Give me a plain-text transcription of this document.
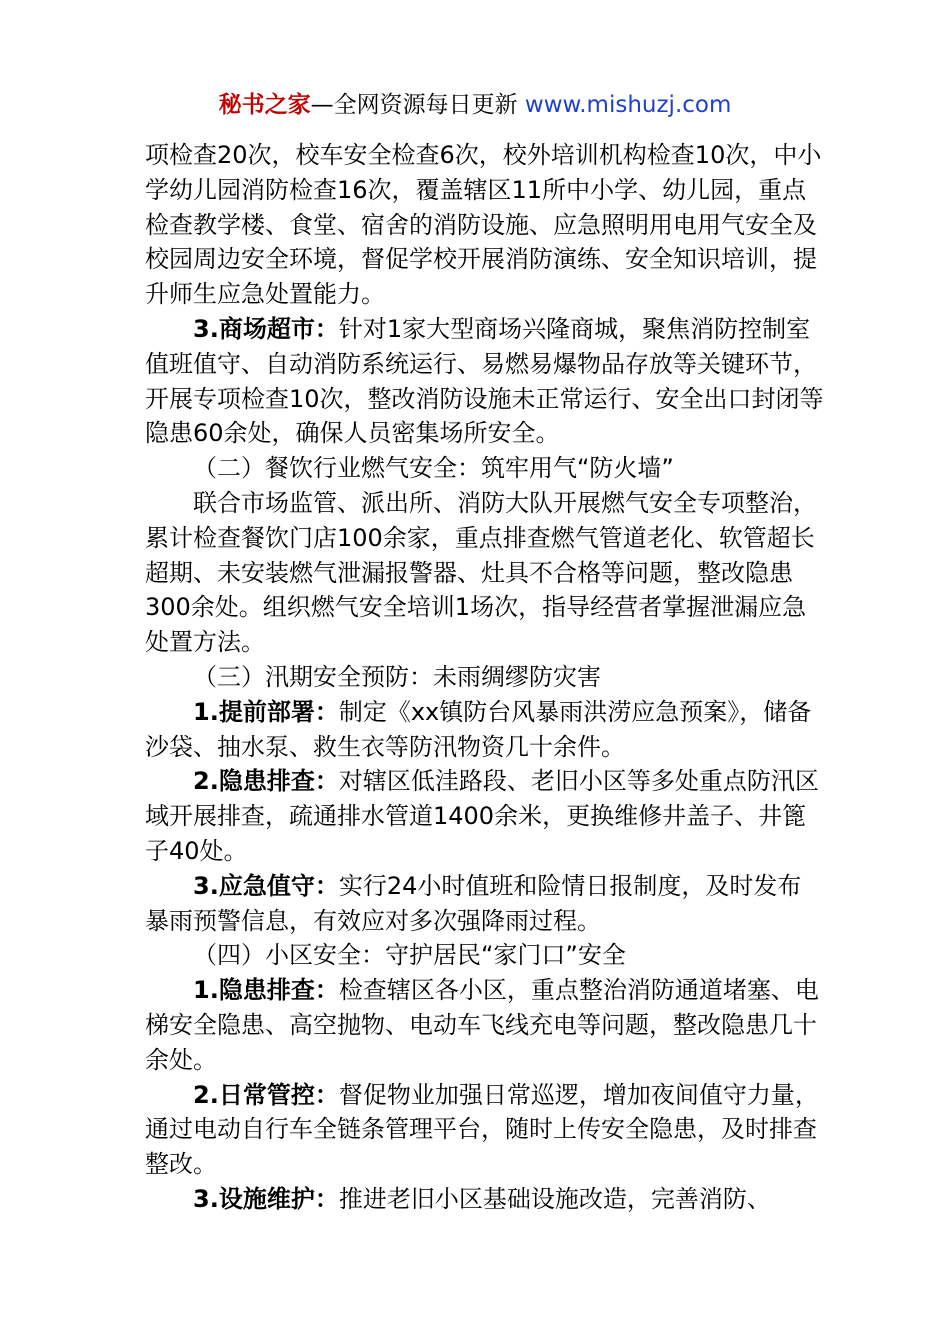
秘书之家—全网资源每日更新 www.mishuzj.com

项检查20次，校车安全检查6次，校外培训机构检查10次，中小学幼儿园消防检查16次，覆盖辖区11所中小学、幼儿园，重点检查教学楼、食堂、宿舍的消防设施、应急照明用电用气安全及校园周边安全环境，督促学校开展消防演练、安全知识培训，提升师生应急处置能力。

3.商场超市：针对1家大型商场兴隆商城，聚焦消防控制室值班值守、自动消防系统运行、易燃易爆物品存放等关键环节，开展专项检查10次，整改消防设施未正常运行、安全出口封闭等隐患60余处，确保人员密集场所安全。

（二）餐饮行业燃气安全：筑牢用气“防火墙”

联合市场监管、派出所、消防大队开展燃气安全专项整治，累计检查餐饮门店100余家，重点排查燃气管道老化、软管超长超期、未安装燃气泄漏报警器、灶具不合格等问题，整改隐患300余处。组织燃气安全培训1场次，指导经营者掌握泄漏应急处置方法。

（三）汛期安全预防：未雨绸缪防灾害

1.提前部署：制定《xx镇防台风暴雨洪涝应急预案》，储备沙袋、抽水泵、救生衣等防汛物资几十余件。

2.隐患排查：对辖区低洼路段、老旧小区等多处重点防汛区域开展排查，疏通排水管道1400余米，更换维修井盖子、井篦子40处。

3.应急值守：实行24小时值班和险情日报制度，及时发布暴雨预警信息，有效应对多次强降雨过程。

（四）小区安全：守护居民“家门口”安全

1.隐患排查：检查辖区各小区，重点整治消防通道堵塞、电梯安全隐患、高空抛物、电动车飞线充电等问题，整改隐患几十余处。

2.日常管控：督促物业加强日常巡逻，增加夜间值守力量，通过电动自行车全链条管理平台，随时上传安全隐患，及时排查整改。

3.设施维护：推进老旧小区基础设施改造，完善消防、
